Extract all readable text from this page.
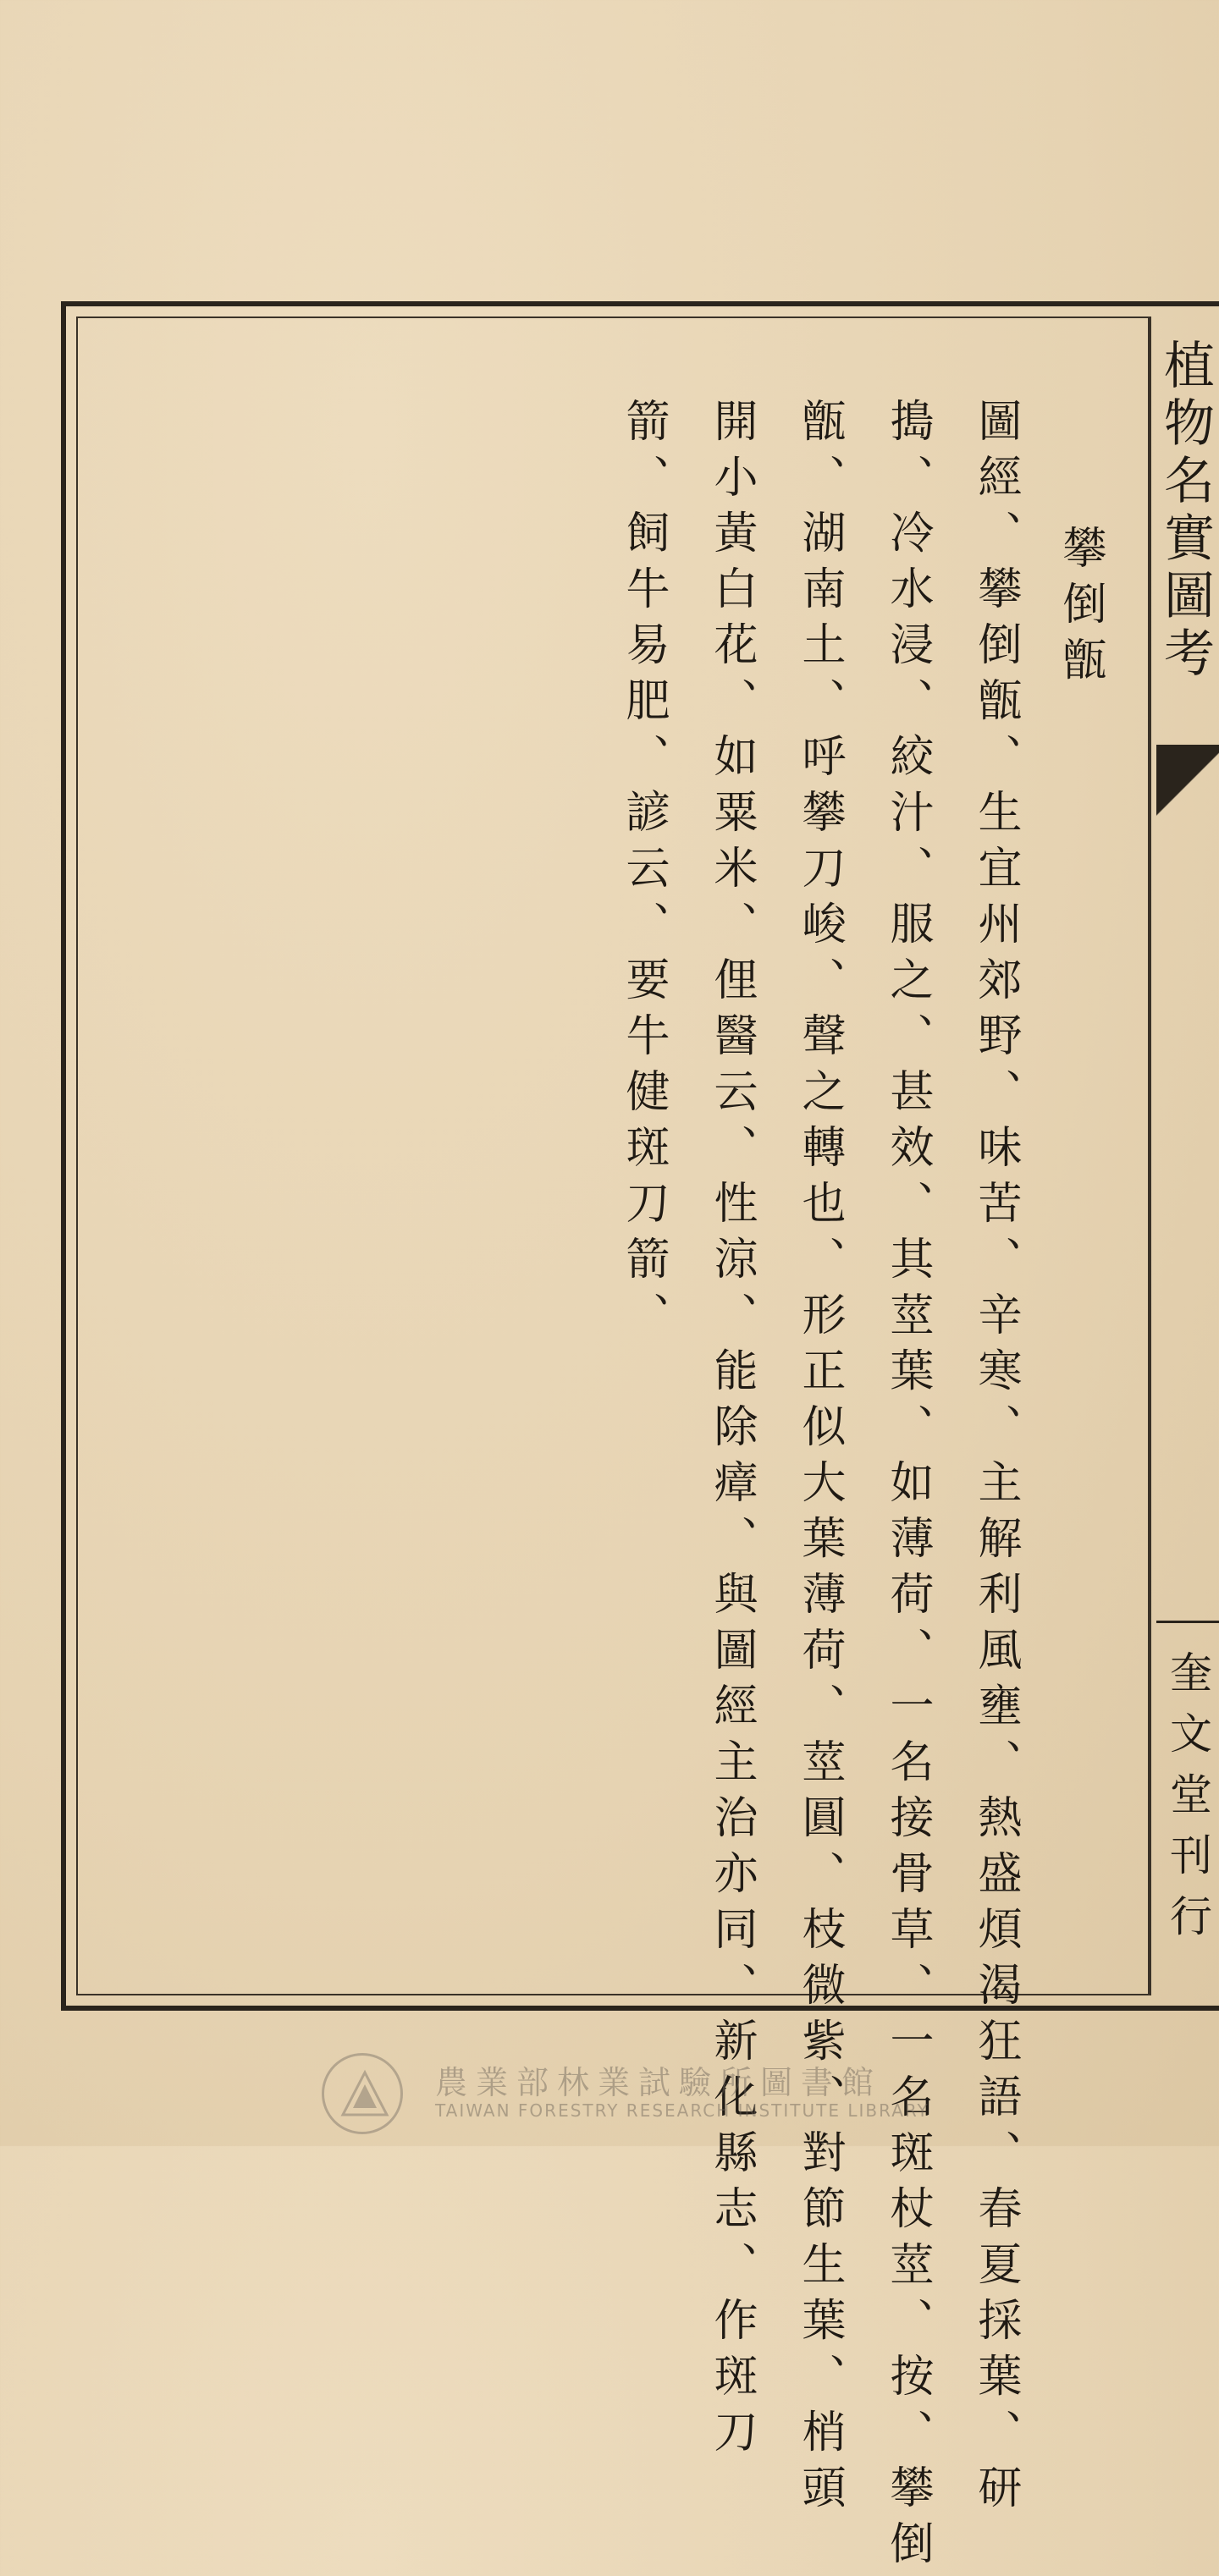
植物名實圖考
奎文堂刊行
攀倒甑
圖經、攀倒甑、生宜州郊野、味苦、辛寒、主解利風壅、熱盛煩渴狂語、春夏採葉、研
搗、冷水浸、絞汁、服之、甚效、其莖葉、如薄荷、一名接骨草、一名斑杖莖、按、攀倒
甑、湖南土、呼攀刀峻、聲之轉也、形正似大葉薄荷、莖圓、枝微紫、對節生葉、梢頭
開小黃白花、如粟米、俚醫云、性涼、能除瘴、與圖經主治亦同、新化縣志、作斑刀
箭、飼牛易肥、諺云、要牛健斑刀箭、
農業部林業試驗所圖書館
TAIWAN FORESTRY RESEARCH INSTITUTE LIBRARY
